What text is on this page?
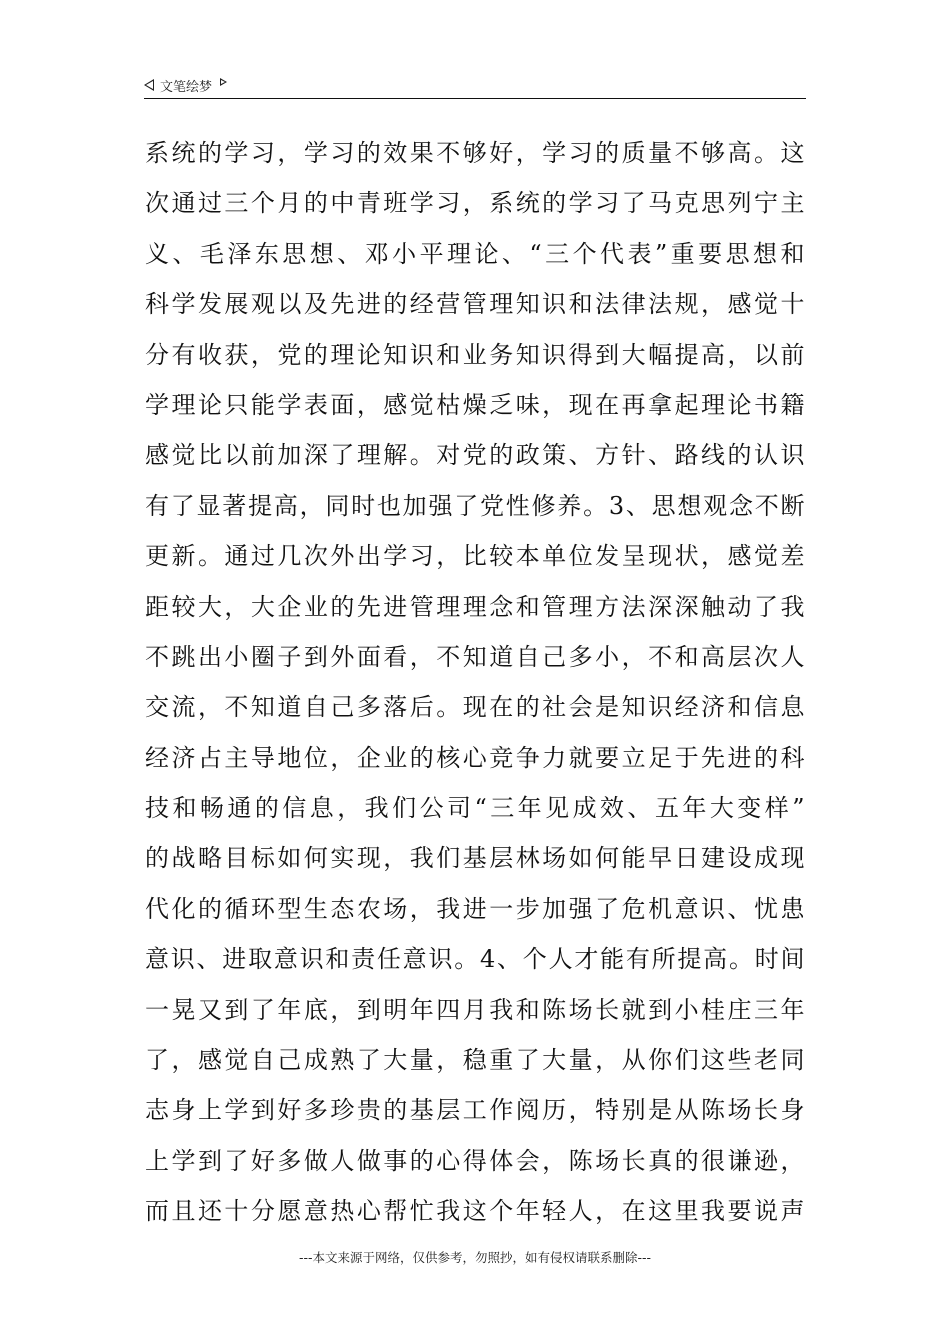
文笔绘梦
系统的学习，学习的效果不够好，学习的质量不够高。这
次通过三个月的中青班学习，系统的学习了马克思列宁主
义、毛泽东思想、邓小平理论、“三个代表”重要思想和
科学发展观以及先进的经营管理知识和法律法规，感觉十
分有收获，党的理论知识和业务知识得到大幅提高，以前
学理论只能学表面，感觉枯燥乏味，现在再拿起理论书籍
感觉比以前加深了理解。对党的政策、方针、路线的认识
有了显著提高，同时也加强了党性修养。3、思想观念不断
更新。通过几次外出学习，比较本单位发呈现状，感觉差
距较大，大企业的先进管理理念和管理方法深深触动了我
不跳出小圈子到外面看，不知道自己多小，不和高层次人
交流，不知道自己多落后。现在的社会是知识经济和信息
经济占主导地位，企业的核心竞争力就要立足于先进的科
技和畅通的信息，我们公司“三年见成效、五年大变样”
的战略目标如何实现，我们基层林场如何能早日建设成现
代化的循环型生态农场，我进一步加强了危机意识、忧患
意识、进取意识和责任意识。4、个人才能有所提高。时间
一晃又到了年底，到明年四月我和陈场长就到小桂庄三年
了，感觉自己成熟了大量，稳重了大量，从你们这些老同
志身上学到好多珍贵的基层工作阅历，特别是从陈场长身
上学到了好多做人做事的心得体会，陈场长真的很谦逊，
而且还十分愿意热心帮忙我这个年轻人，在这里我要说声
---本文来源于网络，仅供参考，勿照抄，如有侵权请联系删除---
